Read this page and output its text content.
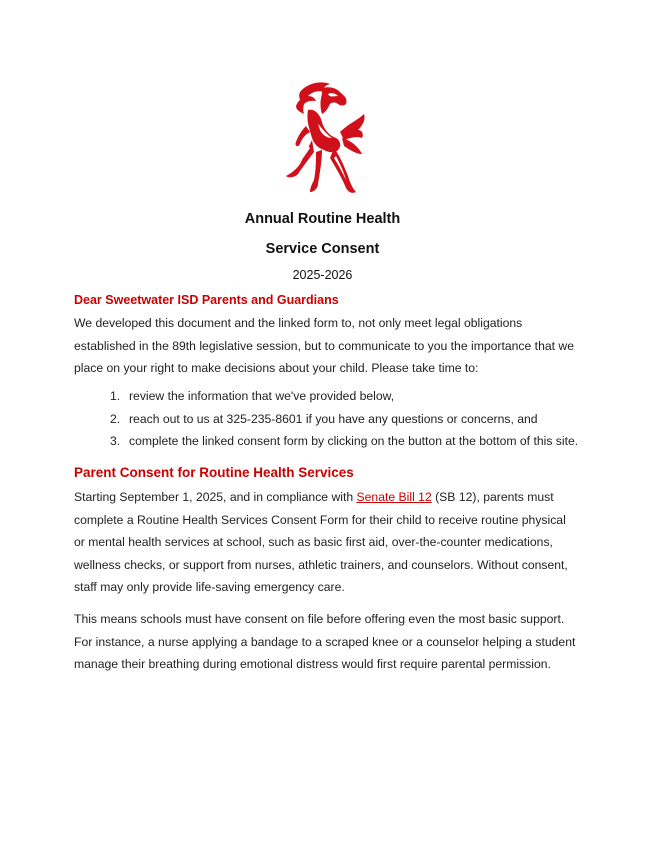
Annual Routine Health
Service Consent
2025-2026
Dear Sweetwater ISD Parents and Guardians
We developed this document and the linked form to, not only meet legal obligations established in the 89th legislative session, but to communicate to you the importance that we place on your right to make decisions about your child. Please take time to:
1. review the information that we've provided below,
2. reach out to us at 325-235-8601 if you have any questions or concerns, and
3. complete the linked consent form by clicking on the button at the bottom of this site.
Parent Consent for Routine Health Services
Starting September 1, 2025, and in compliance with Senate Bill 12 (SB 12), parents must complete a Routine Health Services Consent Form for their child to receive routine physical or mental health services at school, such as basic first aid, over-the-counter medications, wellness checks, or support from nurses, athletic trainers, and counselors. Without consent, staff may only provide life-saving emergency care.
This means schools must have consent on file before offering even the most basic support. For instance, a nurse applying a bandage to a scraped knee or a counselor helping a student manage their breathing during emotional distress would first require parental permission.
